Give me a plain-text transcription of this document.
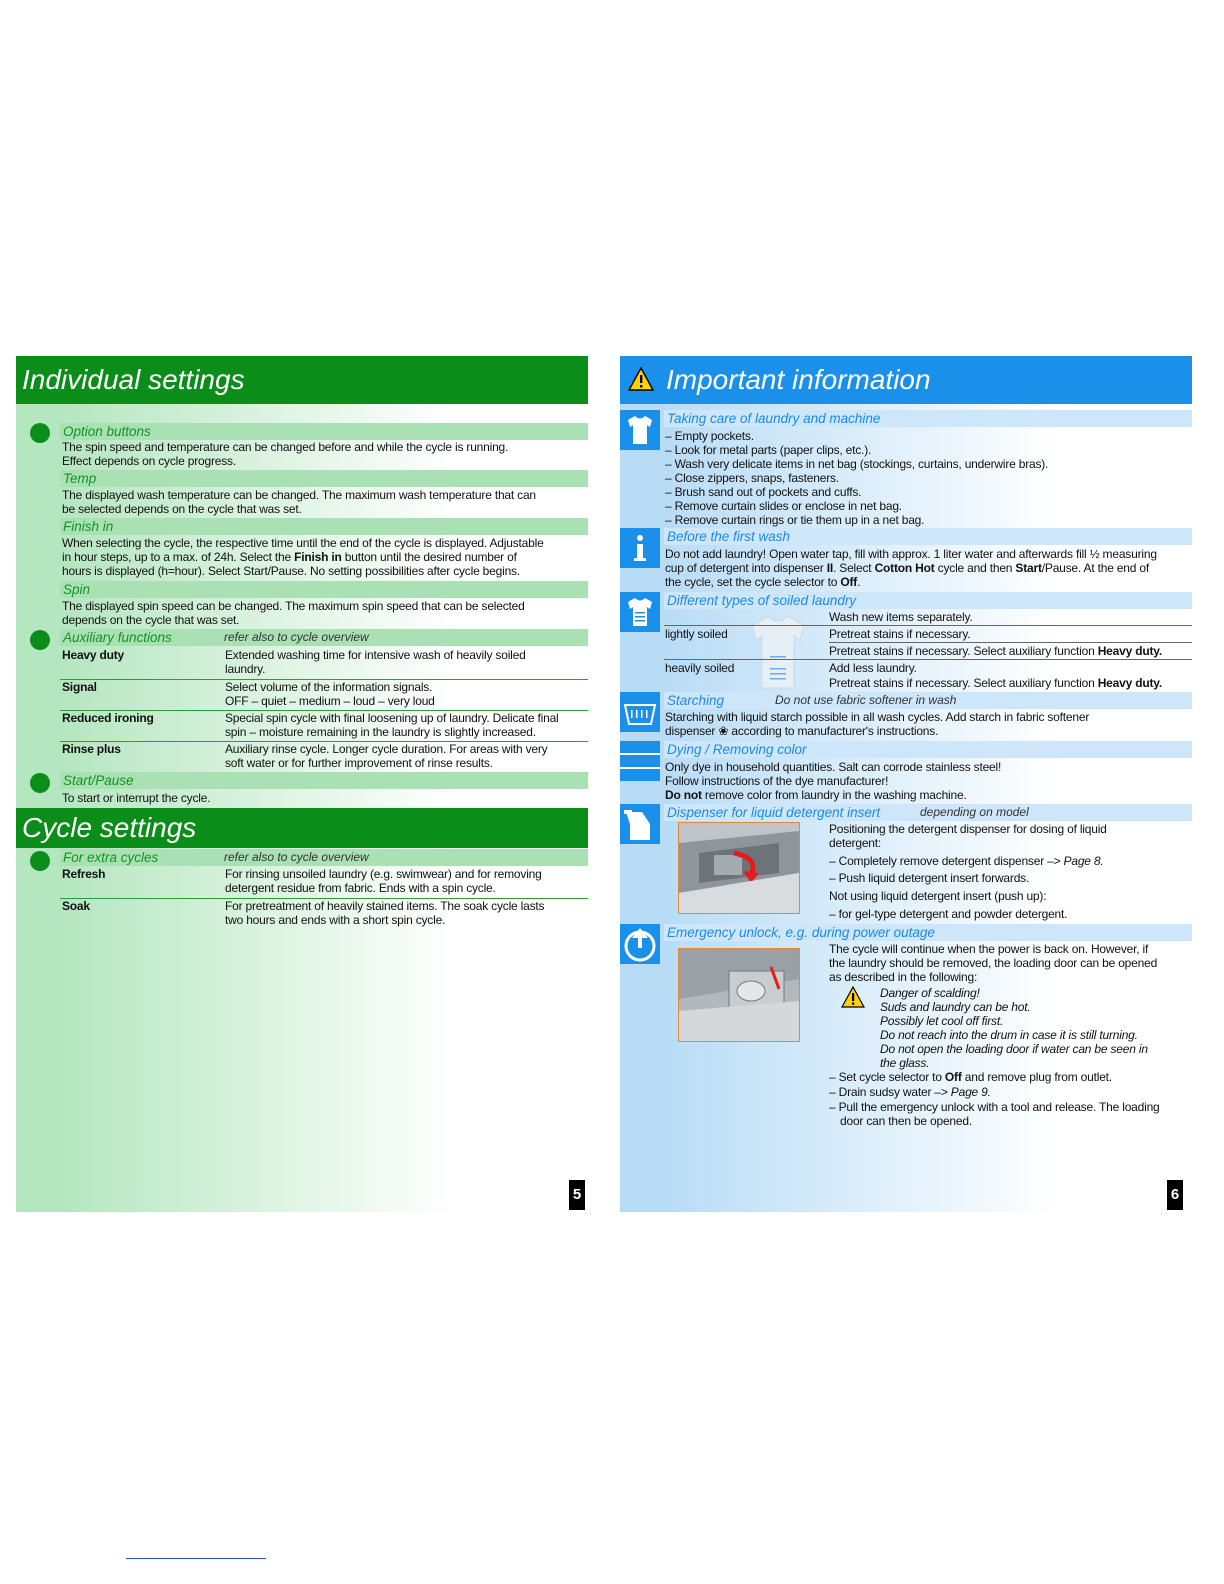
Individual settings
Option buttons
The spin speed and temperature can be changed before and while the cycle is running.
Effect depends on cycle progress.
Temp
The displayed wash temperature can be changed. The maximum wash temperature that can
be selected depends on the cycle that was set.
Finish in
When selecting the cycle, the respective time until the end of the cycle is displayed. Adjustable
in hour steps, up to a max. of 24h. Select the Finish in button until the desired number of
hours is displayed (h=hour). Select Start/Pause. No setting possibilities after cycle begins.
Spin
The displayed spin speed can be changed. The maximum spin speed that can be selected
depends on the cycle that was set.
Auxiliary functions	refer also to cycle overview
Heavy duty	Extended washing time for intensive wash of heavily soiled
laundry.
Signal	Select volume of the information signals.
OFF – quiet – medium – loud – very loud
Reduced ironing	Special spin cycle with final loosening up of laundry. Delicate final
spin – moisture remaining in the laundry is slightly increased.
Rinse plus	Auxiliary rinse cycle. Longer cycle duration. For areas with very
soft water or for further improvement of rinse results.
Start/Pause
To start or interrupt the cycle.
Cycle settings
For extra cycles	refer also to cycle overview
Refresh	For rinsing unsoiled laundry (e.g. swimwear) and for removing
detergent residue from fabric. Ends with a spin cycle.
Soak	For pretreatment of heavily stained items. The soak cycle lasts
two hours and ends with a short spin cycle.
5
Important information
Taking care of laundry and machine
– Empty pockets.
– Look for metal parts (paper clips, etc.).
– Wash very delicate items in net bag (stockings, curtains, underwire bras).
– Close zippers, snaps, fasteners.
– Brush sand out of pockets and cuffs.
– Remove curtain slides or enclose in net bag.
– Remove curtain rings or tie them up in a net bag.
Before the first wash
Do not add laundry! Open water tap, fill with approx. 1 liter water and afterwards fill ½ measuring
cup of detergent into dispenser II. Select Cotton Hot cycle and then Start/Pause. At the end of
the cycle, set the cycle selector to Off.
Different types of soiled laundry
Wash new items separately.
lightly soiled	Pretreat stains if necessary.
Pretreat stains if necessary. Select auxiliary function Heavy duty.
heavily soiled	Add less laundry.
Pretreat stains if necessary. Select auxiliary function Heavy duty.
Starching	Do not use fabric softener in wash
Starching with liquid starch possible in all wash cycles. Add starch in fabric softener
dispenser ❀ according to manufacturer's instructions.
Dying / Removing color
Only dye in household quantities. Salt can corrode stainless steel!
Follow instructions of the dye manufacturer!
Do not remove color from laundry in the washing machine.
Dispenser for liquid detergent insert	depending on model
Positioning the detergent dispenser for dosing of liquid
detergent:
– Completely remove detergent dispenser –> Page 8.
– Push liquid detergent insert forwards.
Not using liquid detergent insert (push up):
– for gel-type detergent and powder detergent.
Emergency unlock, e.g. during power outage
The cycle will continue when the power is back on. However, if
the laundry should be removed, the loading door can be opened
as described in the following:
Danger of scalding!
Suds and laundry can be hot.
Possibly let cool off first.
Do not reach into the drum in case it is still turning.
Do not open the loading door if water can be seen in
the glass.
– Set cycle selector to Off and remove plug from outlet.
– Drain sudsy water –> Page 9.
– Pull the emergency unlock with a tool and release. The loading
door can then be opened.
6
